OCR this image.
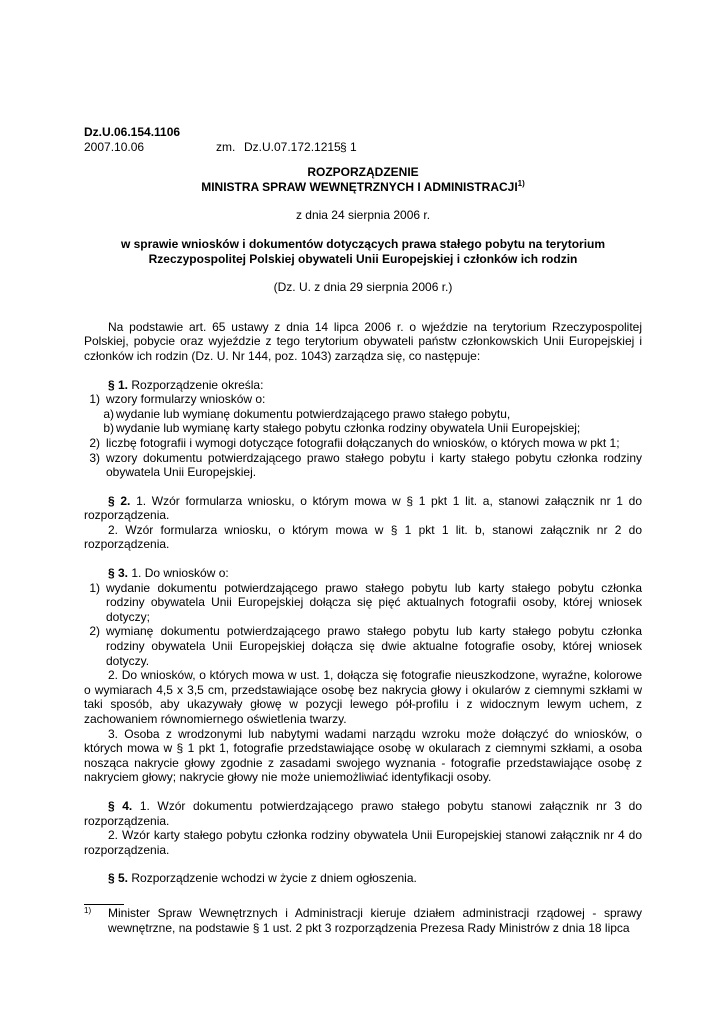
Dz.U.06.154.1106
2007.10.06	zm. Dz.U.07.172.1215 § 1
ROZPORZĄDZENIE
MINISTRA SPRAW WEWNĘTRZNYCH I ADMINISTRACJI$^{1)}$
z dnia 24 sierpnia 2006 r.
w sprawie wniosków i dokumentów dotyczących prawa stałego pobytu na terytorium
Rzeczypospolitej Polskiej obywateli Unii Europejskiej i członków ich rodzin
(Dz. U. z dnia 29 sierpnia 2006 r.)

Na podstawie art. 65 ustawy z dnia 14 lipca 2006 r. o wjeździe na terytorium Rzeczypospolitej Polskiej, pobycie oraz wyjeździe z tego terytorium obywateli państw członkowskich Unii Europejskiej i członków ich rodzin (Dz. U. Nr 144, poz. 1043) zarządza się, co następuje:

§ 1. Rozporządzenie określa:

1) wzory formularzy wniosków o:
a) wydanie lub wymianę dokumentu potwierdzającego prawo stałego pobytu,
b) wydanie lub wymianę karty stałego pobytu członka rodziny obywatela Unii Europejskiej;
2) liczbę fotografii i wymogi dotyczące fotografii dołączanych do wniosków, o których mowa w pkt 1;
3) wzory dokumentu potwierdzającego prawo stałego pobytu i karty stałego pobytu członka rodziny obywatela Unii Europejskiej.

§ 2. 1. Wzór formularza wniosku, o którym mowa w § 1 pkt 1 lit. a, stanowi załącznik nr 1 do rozporządzenia.

2. Wzór formularza wniosku, o którym mowa w § 1 pkt 1 lit. b, stanowi załącznik nr 2 do rozporządzenia.

§ 3. 1. Do wniosków o:

1) wydanie dokumentu potwierdzającego prawo stałego pobytu lub karty stałego pobytu członka rodziny obywatela Unii Europejskiej dołącza się pięć aktualnych fotografii osoby, której wniosek dotyczy;
2) wymianę dokumentu potwierdzającego prawo stałego pobytu lub karty stałego pobytu członka rodziny obywatela Unii Europejskiej dołącza się dwie aktualne fotografie osoby, której wniosek dotyczy.

2. Do wniosków, o których mowa w ust. 1, dołącza się fotografie nieuszkodzone, wyraźne, kolorowe o wymiarach 4,5 x 3,5 cm, przedstawiające osobę bez nakrycia głowy i okularów z ciemnymi szkłami w taki sposób, aby ukazywały głowę w pozycji lewego pół-profilu i z widocznym lewym uchem, z zachowaniem równomiernego oświetlenia twarzy.

3. Osoba z wrodzonymi lub nabytymi wadami narządu wzroku może dołączyć do wniosków, o których mowa w § 1 pkt 1, fotografie przedstawiające osobę w okularach z ciemnymi szkłami, a osoba nosząca nakrycie głowy zgodnie z zasadami swojego wyznania - fotografie przedstawiające osobę z nakryciem głowy; nakrycie głowy nie może uniemożliwiać identyfikacji osoby.

§ 4. 1. Wzór dokumentu potwierdzającego prawo stałego pobytu stanowi załącznik nr 3 do rozporządzenia.

2. Wzór karty stałego pobytu członka rodziny obywatela Unii Europejskiej stanowi załącznik nr 4 do rozporządzenia.

§ 5. Rozporządzenie wchodzi w życie z dniem ogłoszenia.

1)	Minister Spraw Wewnętrznych i Administracji kieruje działem administracji rządowej - sprawy wewnętrzne, na podstawie § 1 ust. 2 pkt 3 rozporządzenia Prezesa Rady Ministrów z dnia 18 lipca
